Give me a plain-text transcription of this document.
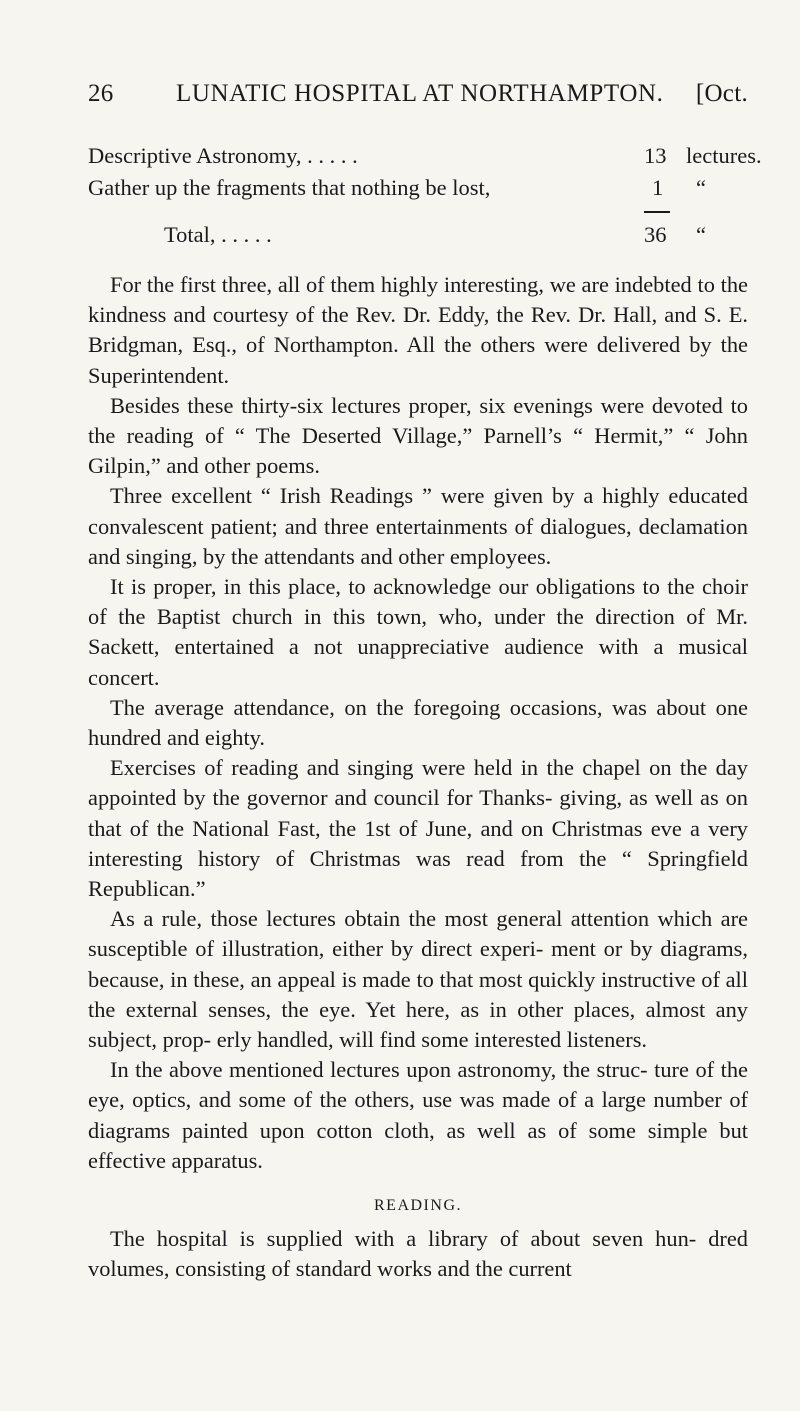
26 LUNATIC HOSPITAL AT NORTHAMPTON. [Oct.
Descriptive Astronomy, . . . . .	13 lectures.
Gather up the fragments that nothing be lost,	1 “
Total, . . . . .	36 “

For the first three, all of them highly interesting, we are indebted to the kindness and courtesy of the Rev. Dr. Eddy, the Rev. Dr. Hall, and S. E. Bridgman, Esq., of Northampton. All the others were delivered by the Superintendent.

Besides these thirty-six lectures proper, six evenings were devoted to the reading of “ The Deserted Village,” Parnell’s “ Hermit,” “ John Gilpin,” and other poems.

Three excellent “ Irish Readings ” were given by a highly educated convalescent patient; and three entertainments of dialogues, declamation and singing, by the attendants and other employees.

It is proper, in this place, to acknowledge our obligations to the choir of the Baptist church in this town, who, under the direction of Mr. Sackett, entertained a not unappreciative audience with a musical concert.

The average attendance, on the foregoing occasions, was about one hundred and eighty.

Exercises of reading and singing were held in the chapel on the day appointed by the governor and council for Thanks- giving, as well as on that of the National Fast, the 1st of June, and on Christmas eve a very interesting history of Christmas was read from the “ Springfield Republican.”

As a rule, those lectures obtain the most general attention which are susceptible of illustration, either by direct experi- ment or by diagrams, because, in these, an appeal is made to that most quickly instructive of all the external senses, the eye. Yet here, as in other places, almost any subject, prop- erly handled, will find some interested listeners.

In the above mentioned lectures upon astronomy, the struc- ture of the eye, optics, and some of the others, use was made of a large number of diagrams painted upon cotton cloth, as well as of some simple but effective apparatus.

READING.

The hospital is supplied with a library of about seven hun- dred volumes, consisting of standard works and the current
